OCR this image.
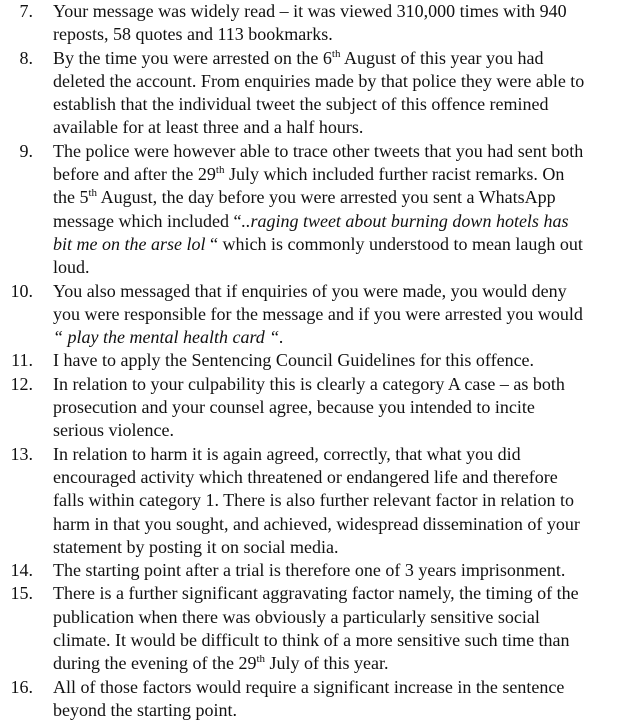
7. Your message was widely read – it was viewed 310,000 times with 940
reposts, 58 quotes and 113 bookmarks.
8. By the time you were arrested on the 6th August of this year you had
deleted the account. From enquiries made by that police they were able to
establish that the individual tweet the subject of this offence remined
available for at least three and a half hours.
9. The police were however able to trace other tweets that you had sent both
before and after the 29th July which included further racist remarks. On
the 5th August, the day before you were arrested you sent a WhatsApp
message which included “..raging tweet about burning down hotels has
bit me on the arse lol “ which is commonly understood to mean laugh out
loud.
10. You also messaged that if enquiries of you were made, you would deny
you were responsible for the message and if you were arrested you would
“ play the mental health card “.
11. I have to apply the Sentencing Council Guidelines for this offence.
12. In relation to your culpability this is clearly a category A case – as both
prosecution and your counsel agree, because you intended to incite
serious violence.
13. In relation to harm it is again agreed, correctly, that what you did
encouraged activity which threatened or endangered life and therefore
falls within category 1. There is also further relevant factor in relation to
harm in that you sought, and achieved, widespread dissemination of your
statement by posting it on social media.
14. The starting point after a trial is therefore one of 3 years imprisonment.
15. There is a further significant aggravating factor namely, the timing of the
publication when there was obviously a particularly sensitive social
climate. It would be difficult to think of a more sensitive such time than
during the evening of the 29th July of this year.
16. All of those factors would require a significant increase in the sentence
beyond the starting point.
